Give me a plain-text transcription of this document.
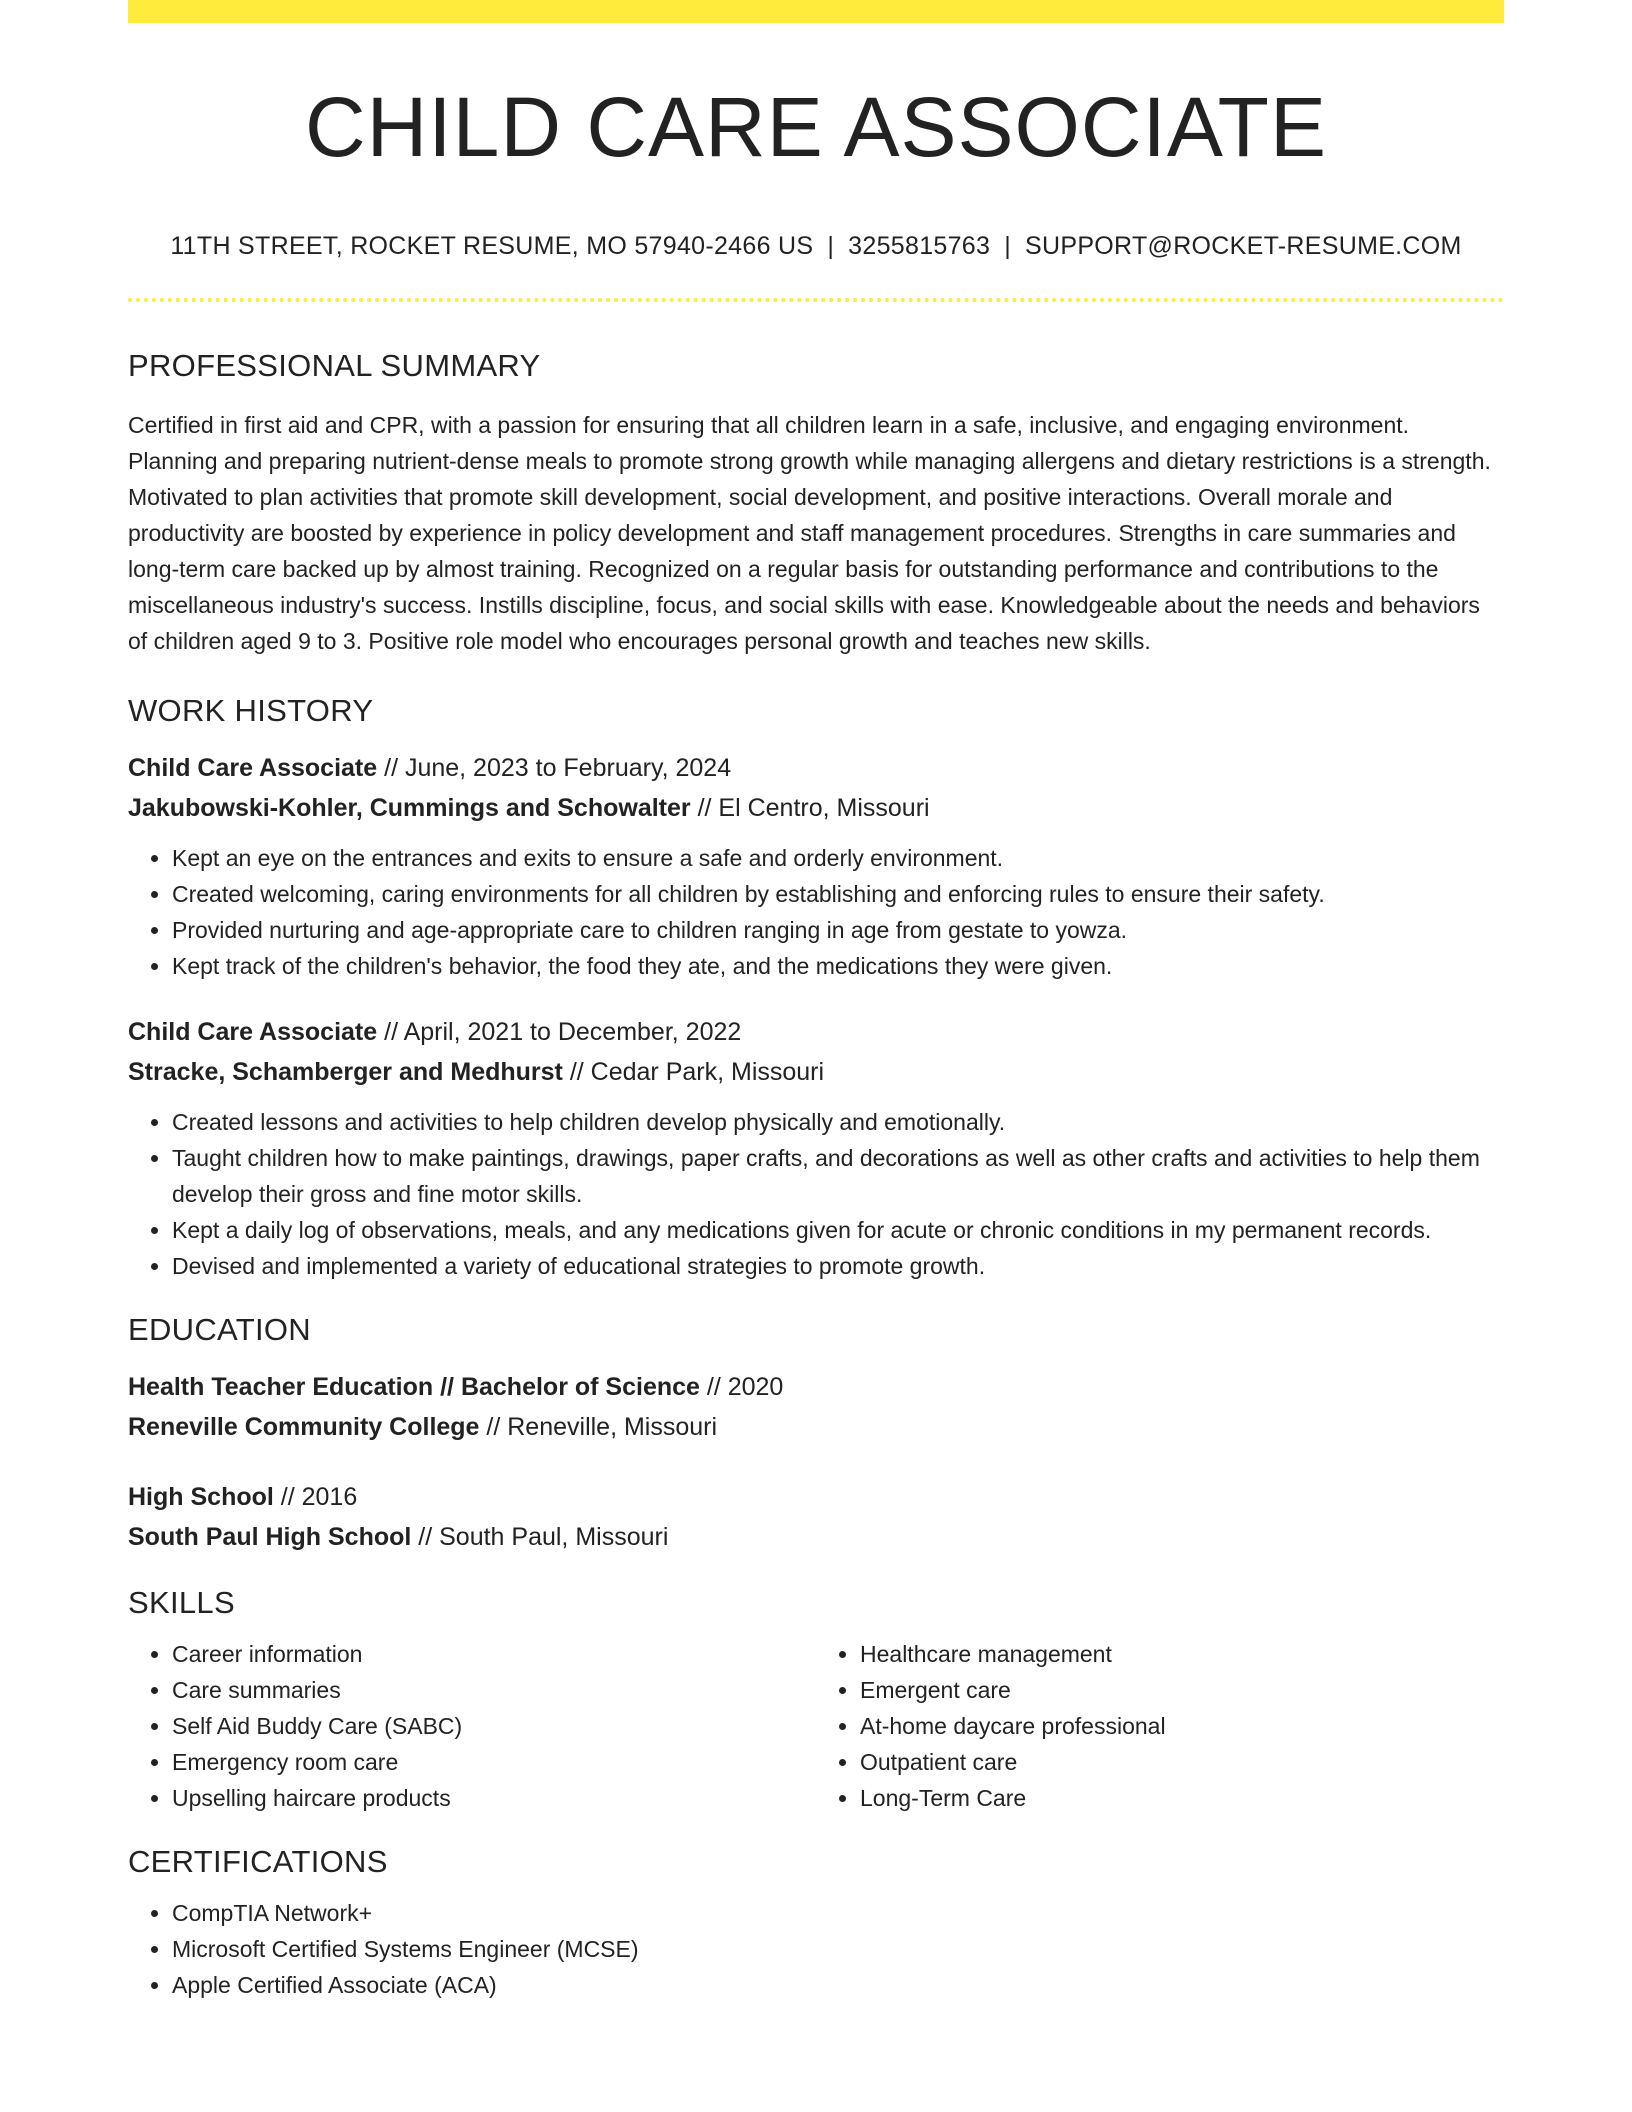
CHILD CARE ASSOCIATE
11TH STREET, ROCKET RESUME, MO 57940-2466 US | 3255815763 | SUPPORT@ROCKET-RESUME.COM
PROFESSIONAL SUMMARY

Certified in first aid and CPR, with a passion for ensuring that all children learn in a safe, inclusive, and engaging environment. Planning and preparing nutrient-dense meals to promote strong growth while managing allergens and dietary restrictions is a strength. Motivated to plan activities that promote skill development, social development, and positive interactions. Overall morale and productivity are boosted by experience in policy development and staff management procedures. Strengths in care summaries and long-term care backed up by almost training. Recognized on a regular basis for outstanding performance and contributions to the miscellaneous industry's success. Instills discipline, focus, and social skills with ease. Knowledgeable about the needs and behaviors of children aged 9 to 3. Positive role model who encourages personal growth and teaches new skills.

WORK HISTORY
Child Care Associate // June, 2023 to February, 2024
Jakubowski-Kohler, Cummings and Schowalter // El Centro, Missouri
• Kept an eye on the entrances and exits to ensure a safe and orderly environment.
• Created welcoming, caring environments for all children by establishing and enforcing rules to ensure their safety.
• Provided nurturing and age-appropriate care to children ranging in age from gestate to yowza.
• Kept track of the children's behavior, the food they ate, and the medications they were given.
Child Care Associate // April, 2021 to December, 2022
Stracke, Schamberger and Medhurst // Cedar Park, Missouri
• Created lessons and activities to help children develop physically and emotionally.
• Taught children how to make paintings, drawings, paper crafts, and decorations as well as other crafts and activities to help them develop their gross and fine motor skills.
• Kept a daily log of observations, meals, and any medications given for acute or chronic conditions in my permanent records.
• Devised and implemented a variety of educational strategies to promote growth.
EDUCATION
Health Teacher Education // Bachelor of Science // 2020
Reneville Community College // Reneville, Missouri
High School // 2016
South Paul High School // South Paul, Missouri
SKILLS
• Career information
• Care summaries
• Self Aid Buddy Care (SABC)
• Emergency room care
• Upselling haircare products
• Healthcare management
• Emergent care
• At-home daycare professional
• Outpatient care
• Long-Term Care
CERTIFICATIONS
• CompTIA Network+
• Microsoft Certified Systems Engineer (MCSE)
• Apple Certified Associate (ACA)
